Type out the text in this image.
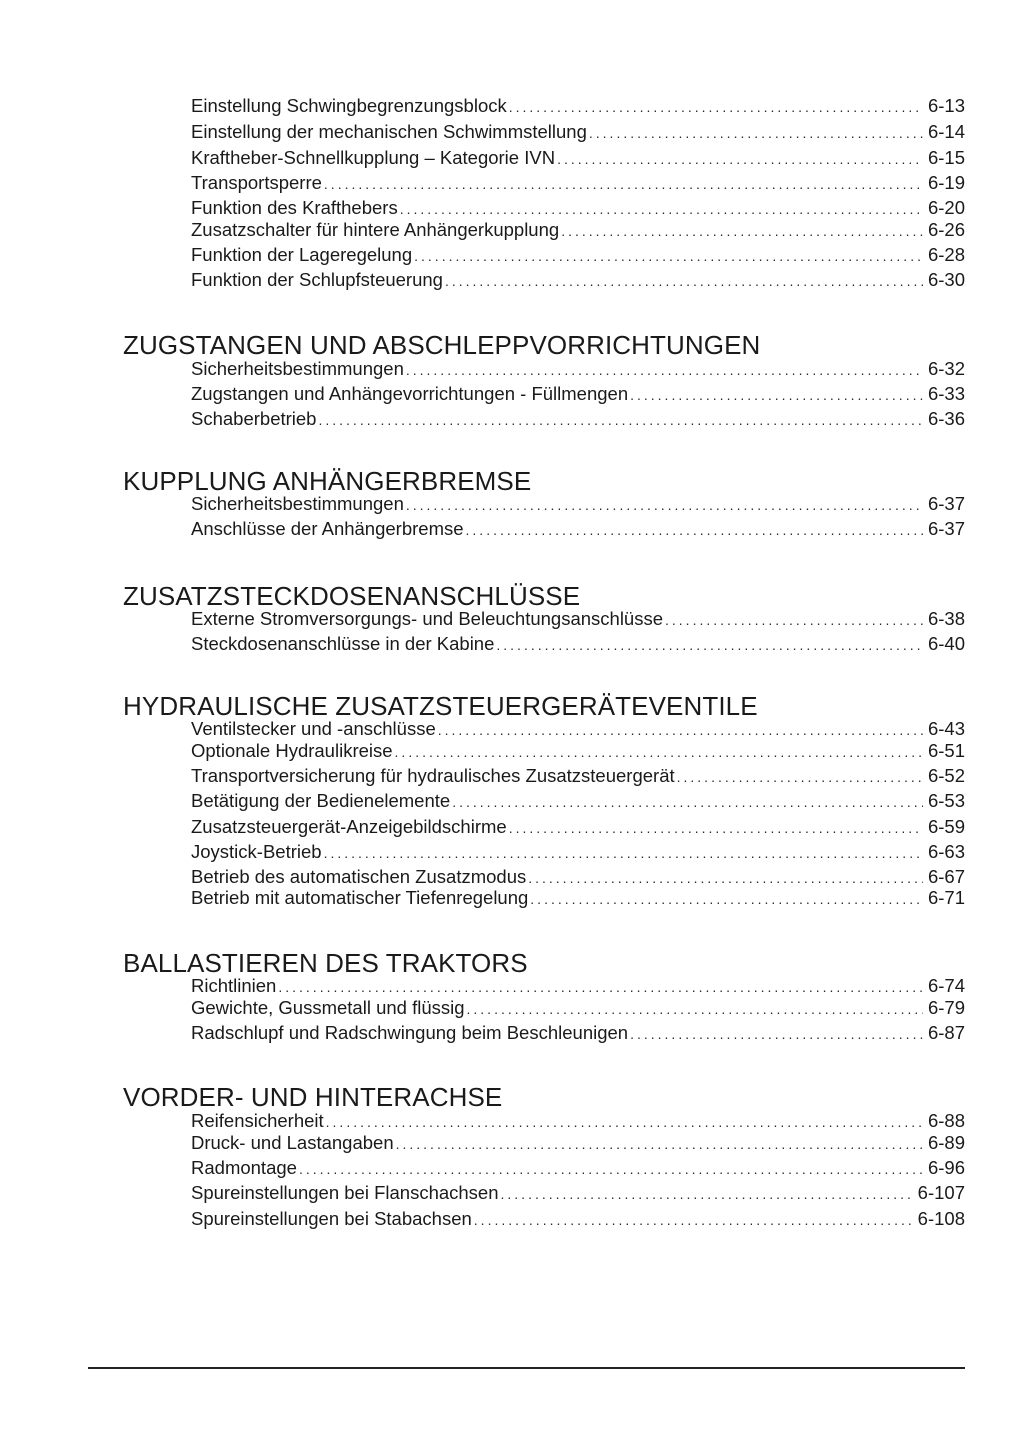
Einstellung Schwingbegrenzungsblock .....	6-13
Einstellung der mechanischen Schwimmstellung .....	6-14
Kraftheber-Schnellkupplung – Kategorie IVN .....	6-15
Transportsperre .....	6-19
Funktion des Krafthebers .....	6-20
Zusatzschalter für hintere Anhängerkupplung .....	6-26
Funktion der Lageregelung .....	6-28
Funktion der Schlupfsteuerung .....	6-30
ZUGSTANGEN UND ABSCHLEPPVORRICHTUNGEN
Sicherheitsbestimmungen .....	6-32
Zugstangen und Anhängevorrichtungen - Füllmengen .....	6-33
Schaberbetrieb .....	6-36
KUPPLUNG ANHÄNGERBREMSE
Sicherheitsbestimmungen .....	6-37
Anschlüsse der Anhängerbremse .....	6-37
ZUSATZSTECKDOSENANSCHLÜSSE
Externe Stromversorgungs- und Beleuchtungsanschlüsse .....	6-38
Steckdosenanschlüsse in der Kabine .....	6-40
HYDRAULISCHE ZUSATZSTEUERGERÄTEVENTILE
Ventilstecker und -anschlüsse .....	6-43
Optionale Hydraulikreise .....	6-51
Transportversicherung für hydraulisches Zusatzsteuergerät .....	6-52
Betätigung der Bedienelemente .....	6-53
Zusatzsteuergerät-Anzeigebildschirme .....	6-59
Joystick-Betrieb .....	6-63
Betrieb des automatischen Zusatzmodus .....	6-67
Betrieb mit automatischer Tiefenregelung .....	6-71
BALLASTIEREN DES TRAKTORS
Richtlinien .....	6-74
Gewichte, Gussmetall und flüssig .....	6-79
Radschlupf und Radschwingung beim Beschleunigen .....	6-87
VORDER- UND HINTERACHSE
Reifensicherheit .....	6-88
Druck- und Lastangaben .....	6-89
Radmontage .....	6-96
Spureinstellungen bei Flanschachsen .....	6-107
Spureinstellungen bei Stabachsen .....	6-108
